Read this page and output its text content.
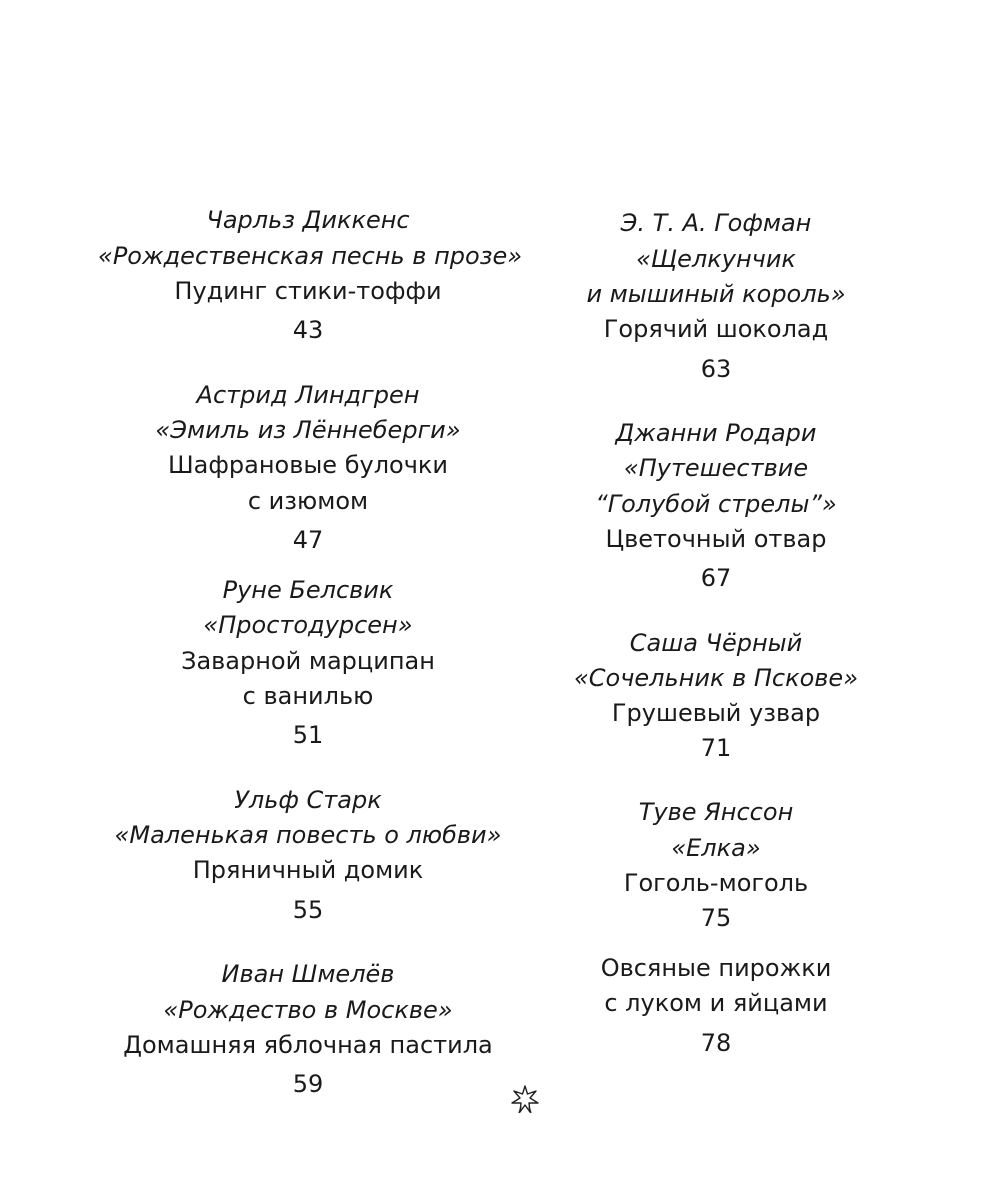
Чарльз Диккенс
«Рождественская песнь в прозе»
Пудинг стики-тоффи
43
Астрид Линдгрен
«Эмиль из Лённеберги»
Шафрановые булочки
с изюмом
47
Руне Белсвик
«Простодурсен»
Заварной марципан
с ванилью
51
Ульф Старк
«Маленькая повесть о любви»
Пряничный домик
55
Иван Шмелёв
«Рождество в Москве»
Домашняя яблочная пастила
59
Э. Т. А. Гофман
«Щелкунчик
и мышиный король»
Горячий шоколад
63
Джанни Родари
«Путешествие
“Голубой стрелы”»
Цветочный отвар
67
Саша Чёрный
«Сочельник в Пскове»
Грушевый узвар
71
Туве Янссон
«Елка»
Гоголь-моголь
75
Овсяные пирожки
с луком и яйцами
78
